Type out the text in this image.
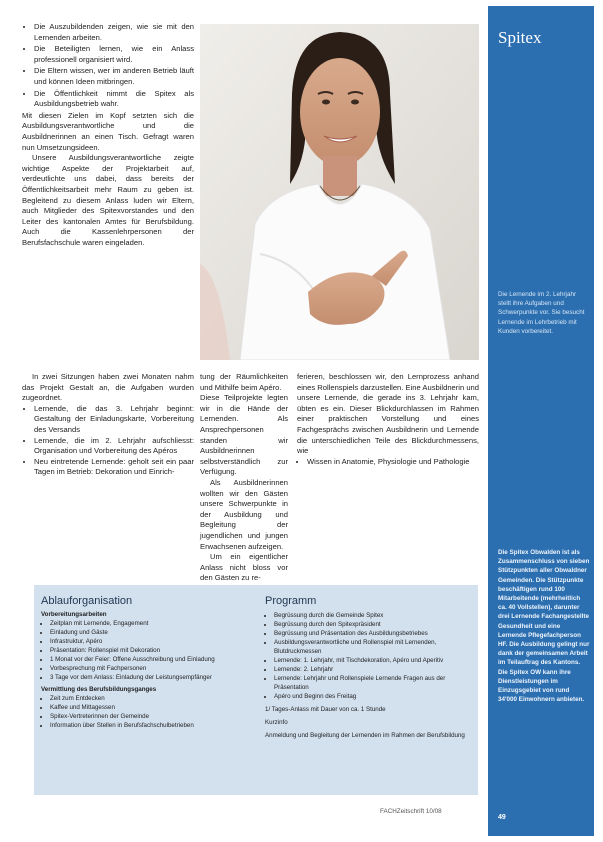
• Die Auszubildenden zeigen, wie sie mit den Lernenden arbeiten.
• Die Beteiligten lernen, wie ein Anlass professionell organisiert wird.
• Die Eltern wissen, wer im anderen Betrieb läuft und können Ideen mitbringen.
• Die Öffentlichkeit nimmt die Spitex als Ausbildungsbetrieb wahr.

Mit diesen Zielen im Kopf setzten sich die Ausbildungsverantwortliche und die Ausbildnerinnen an einen Tisch. Gefragt waren nun Umsetzungsideen.

Unsere Ausbildungsverantwortliche zeigte wichtige Aspekte der Projektarbeit auf, verdeutlichte uns dabei, dass bereits der Öffentlichkeitsarbeit mehr Raum zu geben ist. Begleitend zu diesem Anlass luden wir Eltern, auch Mitglieder des Spitexvorstandes und den Leiter des kantonalen Amtes für Berufsbildung. Auch die Kassenlehrpersonen der Berufsfachschule waren eingeladen.

In zwei Sitzungen haben zwei Monaten nahm das Projekt Gestalt an, die Aufgaben wurden zugeordnet.

• Lernende, die das 3. Lehrjahr beginnt: Gestaltung der Einladungskarte, Vorbereitung des Versands
• Lernende, die im 2. Lehrjahr aufschliesst: Organisation und Vorbereitung des Apéros
• Neu eintretende Lernende: geholt seit ein paar Tagen im Betrieb: Dekoration und Einrich-

tung der Räumlichkeiten und Mithilfe beim Apéro.

Diese Teilprojekte legten wir in die Hände der Lernenden. Als Ansprechpersonen standen wir Ausbildnerinnen selbstverständlich zur Verfügung.

Als Ausbildnerinnen wollten wir den Gästen unsere Schwerpunkte in der Ausbildung und Begleitung der jugendlichen und jungen Erwachsenen aufzeigen.

Um ein eigentlicher Anlass nicht bloss vor den Gästen zu re-

ferieren, beschlossen wir, den Lernprozess anhand eines Rollenspiels darzustellen. Eine Ausbildnerin und unsere Lernende, die gerade ins 3. Lehrjahr kam, übten es ein. Dieser Blickdurchlassen im Rahmen einer praktischen Vorstellung und eines Fachgesprächs zwischen Ausbildnerin und Lernende die unterschiedlichen Teile des Blickdurchmessens, wie

• Wissen in Anatomie, Physiologie und Pathologie
Ablauforganisation
Vorbereitungsarbeiten
• Zeitplan mit Lernende, Engagement
• Einladung und Gäste
• Infrastruktur, Apéro
• Präsentation: Rollenspiel mit Dekoration
• 1 Monat vor der Feier: Offene Ausschreibung und Einladung
• Vorbesprechung mit Fachpersonen
• 3 Tage vor dem Anlass: Einladung der Leistungsempfänger
Vermittlung des Berufsbildungsganges
• Zeit zum Entdecken
• Kaffee und Mittagessen
• Spitex-Vertreterinnen der Gemeinde
• Information über Stellen in Berufsfachschulbetrieben
Programm
• Begrüssung durch die Gemeinde Spitex
• Begrüssung durch den Spitexpräsident
• Begrüssung und Präsentation des Ausbildungsbetriebes
• Ausbildungsverantwortliche und Rollenspiel mit Lernenden, Blutdruckmessen
• Lernende: 1. Lehrjahr, mit Tischdekoration, Apéro und Aperitiv
• Lernende: 2. Lehrjahr
• Lernende: Lehrjahr und Rollenspiele Lernende Fragen aus der Präsentation
• Apéro und Beginn des Freitag

1/ Tages-Anlass mit Dauer von ca. 1 Stunde

Kurzinfo

Anmeldung und Begleitung der Lernenden im Rahmen der Berufsbildung

Spitex
Die Lernende im 2. Lehrjahr stellt ihre Aufgaben und Schwerpunkte vor. Sie besucht Lernende im Lehrbetrieb mit Kunden vorbereitet.
Die Spitex Obwalden ist als Zusammenschluss von sieben Stützpunkten aller Obwaldner Gemeinden. Die Stützpunkte beschäftigen rund 100 Mitarbeitende (mehrheitlich ca. 40 Vollstellen), darunter drei Lernende Fachangestellte Gesundheit und eine Lernende Pflegefachperson HF. Die Ausbildung gelingt nur dank der gemeinsamen Arbeit im Teilauftrag des Kantons. Die Spitex OW kann ihre Dienstleistungen im Einzugsgebiet von rund 34'000 Einwohnern anbieten.
49
FACHZeitschrift 10/08
